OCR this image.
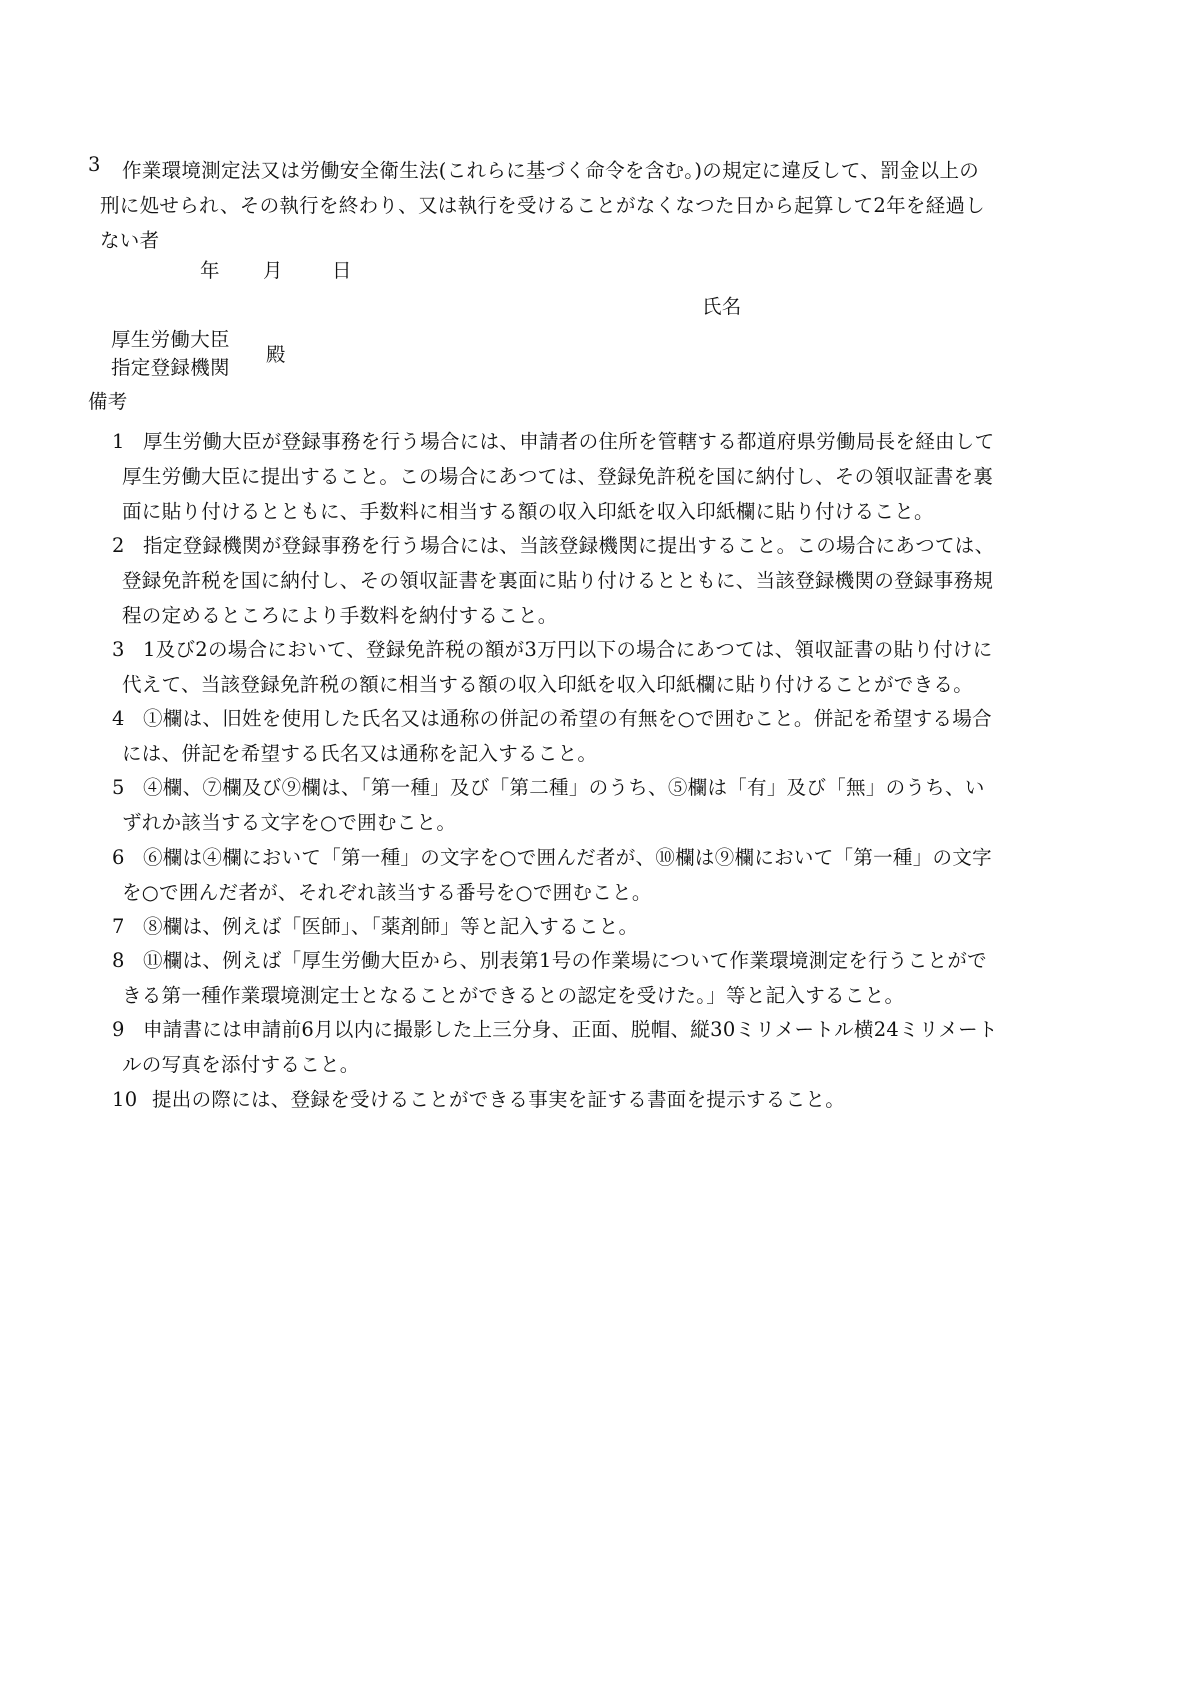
3 作業環境測定法又は労働安全衛生法(これらに基づく命令を含む。)の規定に違反して、罰金以上の
刑に処せられ、その執行を終わり、又は執行を受けることがなくなつた日から起算して2年を経過し
ない者
年 月	日
氏名
厚生労働大臣
指定登録機関
殿
備考
1 厚生労働大臣が登録事務を行う場合には、申請者の住所を管轄する都道府県労働局長を経由して
厚生労働大臣に提出すること。この場合にあつては、登録免許税を国に納付し、その領収証書を裏
面に貼り付けるとともに、手数料に相当する額の収入印紙を収入印紙欄に貼り付けること。
2 指定登録機関が登録事務を行う場合には、当該登録機関に提出すること。この場合にあつては、
登録免許税を国に納付し、その領収証書を裏面に貼り付けるとともに、当該登録機関の登録事務規
程の定めるところにより手数料を納付すること。
3 1及び2の場合において、登録免許税の額が3万円以下の場合にあつては、領収証書の貼り付けに
代えて、当該登録免許税の額に相当する額の収入印紙を収入印紙欄に貼り付けることができる。
4 ①欄は、旧姓を使用した氏名又は通称の併記の希望の有無を○で囲むこと。併記を希望する場合
には、併記を希望する氏名又は通称を記入すること。
5 ④欄、⑦欄及び⑨欄は、「第一種」及び「第二種」のうち、⑤欄は「有」及び「無」のうち、い
ずれか該当する文字を○で囲むこと。
6 ⑥欄は④欄において「第一種」の文字を○で囲んだ者が、⑩欄は⑨欄において「第一種」の文字
を○で囲んだ者が、それぞれ該当する番号を○で囲むこと。
7 ⑧欄は、例えば「医師」、「薬剤師」等と記入すること。
8 ⑪欄は、例えば「厚生労働大臣から、別表第1号の作業場について作業環境測定を行うことがで
きる第一種作業環境測定士となることができるとの認定を受けた。」等と記入すること。
9 申請書には申請前6月以内に撮影した上三分身、正面、脱帽、縦30ミリメートル横24ミリメート
ルの写真を添付すること。
10 提出の際には、登録を受けることができる事実を証する書面を提示すること。
